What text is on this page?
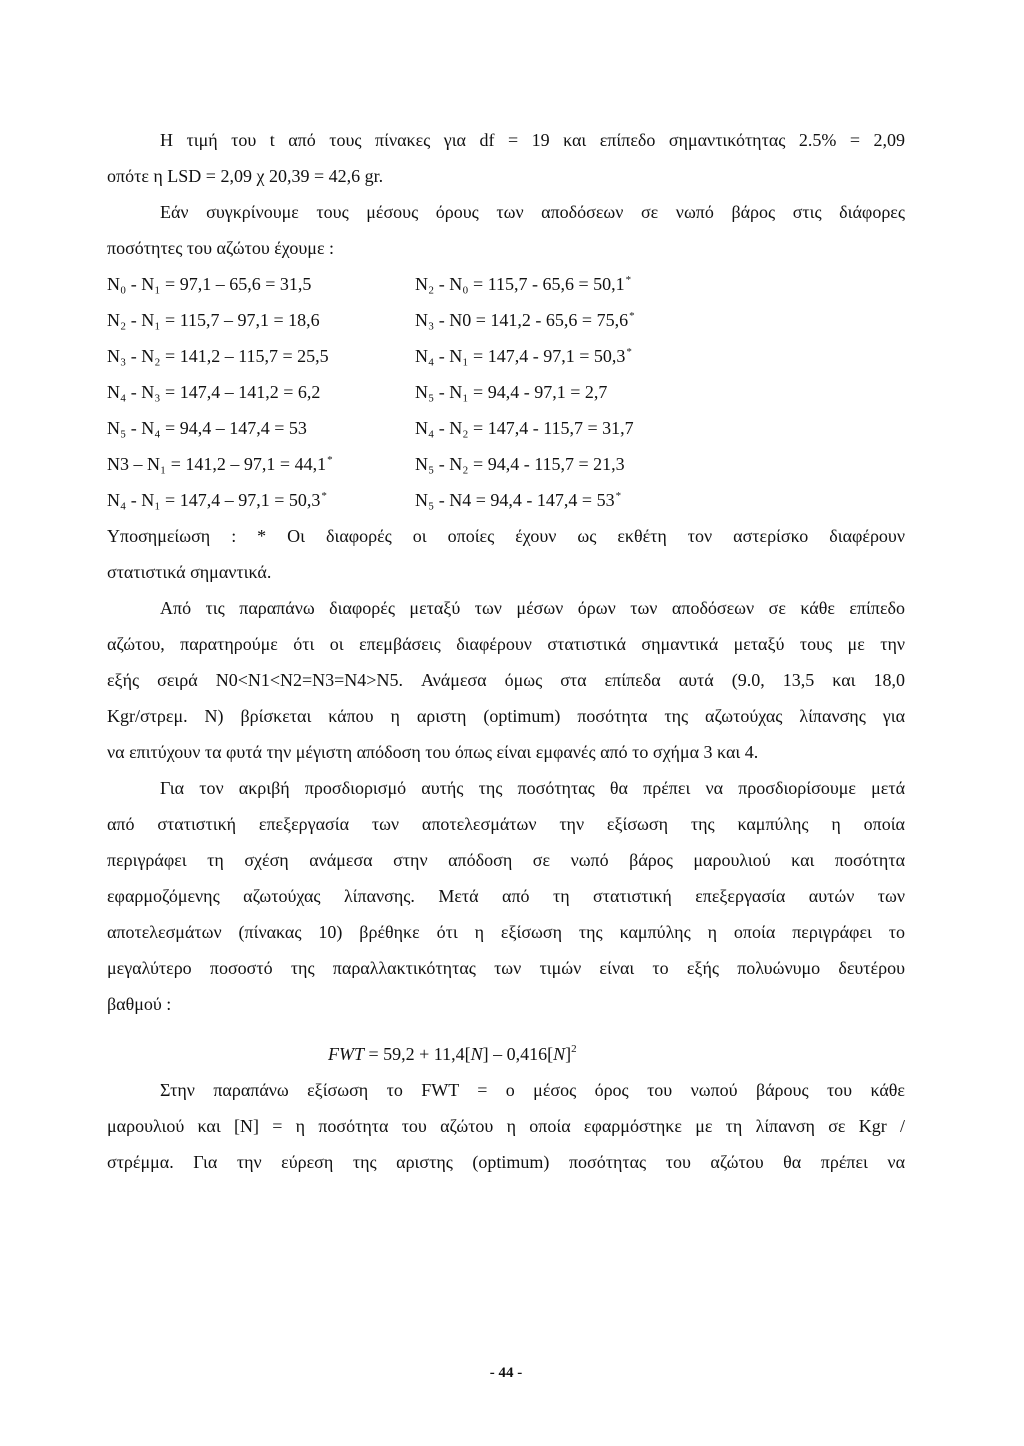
Η τιμή του t από τους πίνακες για df = 19 και επίπεδο σημαντικότητας 2.5% = 2,09
οπότε η LSD = 2,09 χ 20,39 = 42,6 gr.
Εάν συγκρίνουμε τους μέσους όρους των αποδόσεων σε νωπό βάρος στις διάφορες
ποσότητες του αζώτου έχουμε :
N₀ - N₁ = 97,1 – 65,6 = 31,5	N₂ - N₀ = 115,7 - 65,6 = 50,1*
N₂ - N₁ = 115,7 – 97,1 = 18,6	N₃ - N0 = 141,2 - 65,6 = 75,6*
N₃ - N₂ = 141,2 – 115,7 = 25,5	N₄ - N₁ = 147,4 - 97,1 = 50,3*
N₄ - N₃ = 147,4 – 141,2 = 6,2	N₅ - N₁ = 94,4 - 97,1 = 2,7
N₅ - N₄ = 94,4 – 147,4 = 53	N₄ - N₂ = 147,4 - 115,7 = 31,7
N3 – N₁ = 141,2 – 97,1 = 44,1*	N₅ - N₂ = 94,4 - 115,7 = 21,3
N₄ - N₁ = 147,4 – 97,1 = 50,3*	N₅ - N4 = 94,4 - 147,4 = 53*
Υποσημείωση : * Οι διαφορές οι οποίες έχουν ως εκθέτη τον αστερίσκο διαφέρουν
στατιστικά σημαντικά.
Από τις παραπάνω διαφορές μεταξύ των μέσων όρων των αποδόσεων σε κάθε επίπεδο
αζώτου, παρατηρούμε ότι οι επεμβάσεις διαφέρουν στατιστικά σημαντικά μεταξύ τους με την
εξής σειρά N0<N1<N2=N3=N4>N5. Ανάμεσα όμως στα επίπεδα αυτά (9.0, 13,5 και 18,0
Kgr/στρεμ. N) βρίσκεται κάπου η αριστη (optimum) ποσότητα της αζωτούχας λίπανσης για
να επιτύχουν τα φυτά την μέγιστη απόδοση του όπως είναι εμφανές από το σχήμα 3 και 4.
Για τον ακριβή προσδιορισμό αυτής της ποσότητας θα πρέπει να προσδιορίσουμε μετά
από στατιστική επεξεργασία των αποτελεσμάτων την εξίσωση της καμπύλης η οποία
περιγράφει τη σχέση ανάμεσα στην απόδοση σε νωπό βάρος μαρουλιού και ποσότητα
εφαρμοζόμενης αζωτούχας λίπανσης. Μετά από τη στατιστική επεξεργασία αυτών των
αποτελεσμάτων (πίνακας 10) βρέθηκε ότι η εξίσωση της καμπύλης η οποία περιγράφει το
μεγαλύτερο ποσοστό της παραλλακτικότητας των τιμών είναι το εξής πολυώνυμο δευτέρου
βαθμού :
FWT = $59,2 + 11,4[N] - 0,416[N]^2$
Στην παραπάνω εξίσωση το FWT = ο μέσος όρος του νωπού βάρους του κάθε
μαρουλιού και [N] = η ποσότητα του αζώτου η οποία εφαρμόστηκε με τη λίπανση σε Kgr /
στρέμμα. Για την εύρεση της αριστης (optimum) ποσότητας του αζώτου θα πρέπει να
- 44 -
